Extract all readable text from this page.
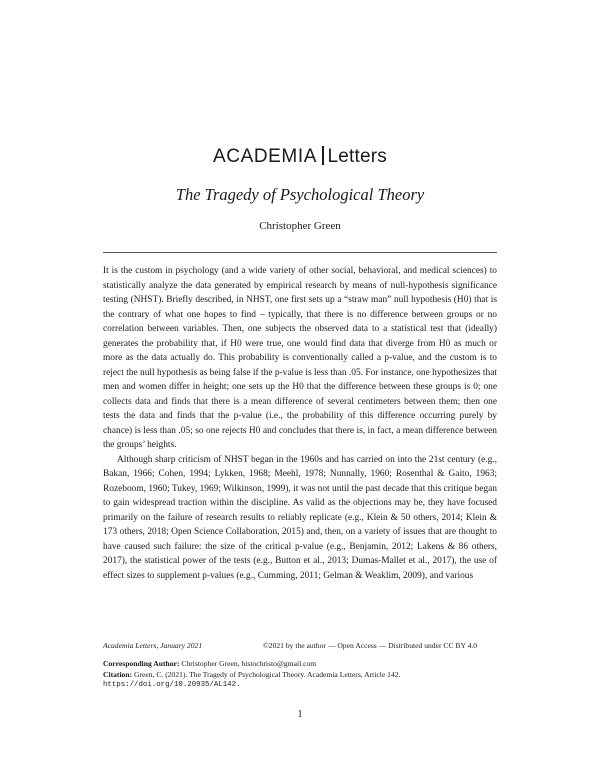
ACADEMIA Letters
The Tragedy of Psychological Theory
Christopher Green

It is the custom in psychology (and a wide variety of other social, behavioral, and medical sciences) to statistically analyze the data generated by empirical research by means of null-hypothesis significance testing (NHST). Briefly described, in NHST, one first sets up a “straw man” null hypothesis (H0) that is the contrary of what one hopes to find – typically, that there is no difference between groups or no correlation between variables. Then, one subjects the observed data to a statistical test that (ideally) generates the probability that, if H0 were true, one would find data that diverge from H0 as much or more as the data actually do. This probability is conventionally called a p-value, and the custom is to reject the null hypothesis as being false if the p-value is less than .05. For instance, one hypothesizes that men and women differ in height; one sets up the H0 that the difference between these groups is 0; one collects data and finds that there is a mean difference of several centimeters between them; then one tests the data and finds that the p-value (i.e., the probability of this difference occurring purely by chance) is less than .05; so one rejects H0 and concludes that there is, in fact, a mean difference between the groups’ heights.

Although sharp criticism of NHST began in the 1960s and has carried on into the 21st century (e.g., Bakan, 1966; Cohen, 1994; Lykken, 1968; Meehl, 1978; Nunnally, 1960; Rosenthal & Gaito, 1963; Rozeboom, 1960; Tukey, 1969; Wilkinson, 1999), it was not until the past decade that this critique began to gain widespread traction within the discipline. As valid as the objections may be, they have focused primarily on the failure of research results to reliably replicate (e.g., Klein & 50 others, 2014; Klein & 173 others, 2018; Open Science Collaboration, 2015) and, then, on a variety of issues that are thought to have caused such failure: the size of the critical p-value (e.g., Benjamin, 2012; Lakens & 86 others, 2017), the statistical power of the tests (e.g., Button et al., 2013; Dumas-Mallet et al., 2017), the use of effect sizes to supplement p-values (e.g., Cumming, 2011; Gelman & Weaklim, 2009), and various

Academia Letters, January 2021	©2021 by the author — Open Access — Distributed under CC BY 4.0
Corresponding Author: Christopher Green, histochristo@gmail.com
Citation: Green, C. (2021). The Tragedy of Psychological Theory. Academia Letters, Article 142.
https://doi.org/10.20935/AL142.
1
